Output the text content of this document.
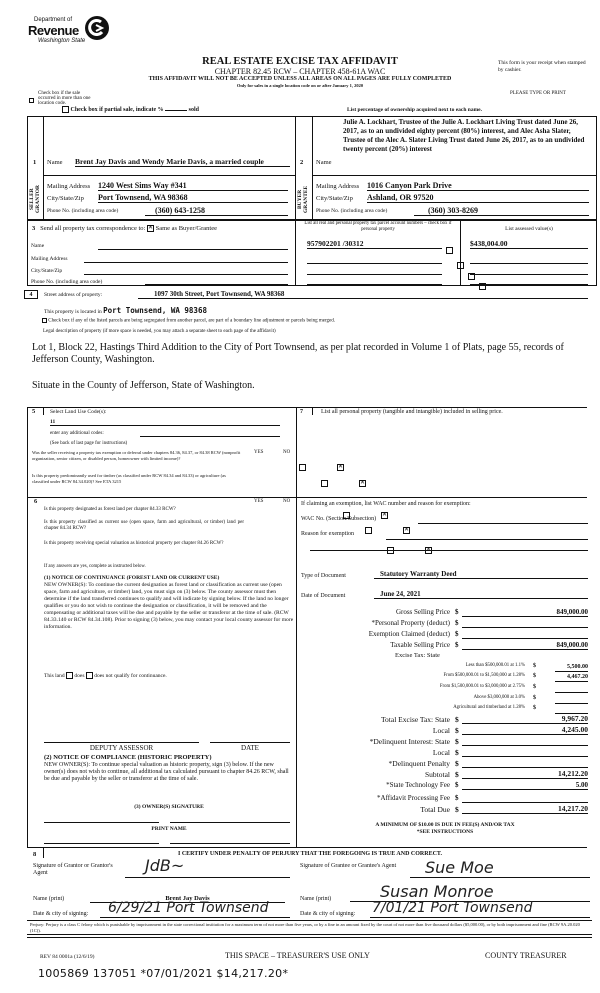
Department of
Revenue
Washington State
REAL ESTATE EXCISE TAX AFFIDAVIT
CHAPTER 82.45 RCW – CHAPTER 458-61A WAC
THIS AFFIDAVIT WILL NOT BE ACCEPTED UNLESS ALL AREAS ON ALL PAGES ARE FULLY COMPLETED
Only for sales in a single location code on or after January 1, 2020
This form is your receipt when stamped by cashier.
PLEASE TYPE OR PRINT
Check box if the sale occurred in more than one location code.
Check box if partial sale, indicate %	sold	List percentage of ownership acquired next to each name.
1
SELLER GRANTOR
Name Brent Jay Davis and Wendy Marie Davis, a married couple
Mailing Address 1240 West Sims Way #341
City/State/Zip Port Townsend, WA 98368
Phone No. (including area code)	(360) 643-1258
2
BUYER GRANTEE
Name
Julie A. Lockhart, Trustee of the Julie A. Lockhart Living Trust dated June 26, 2017, as to an undivided eighty percent (80%) interest, and Alec Asha Slater, Trustee of the Alec A. Slater Living Trust dated June 26, 2017, as to an undivided twenty percent (20%) interest
Mailing Address 1016 Canyon Park Drive
City/State/Zip Ashland, OR 97520
Phone No. (including area code)	(360) 303-8269
3 Send all property tax correspondence to: ✕ Same as Buyer/Grantee
Name
Mailing Address
City/State/Zip
Phone No. (including area code)
List all real and personal property tax parcel account numbers – check box if personal property	List assessed value(s)
957902201 /30312
	$438,004.00

4	Street address of property:	1097 30th Street, Port Townsend, WA 98368
This property is located in Port Townsend, WA 98368
Check box if any of the listed parcels are being segregated from another parcel, are part of a boundary line adjustment or parcels being merged.
Legal description of property (if more space is needed, you may attach a separate sheet to each page of the affidavit)
Lot 1, Block 22, Hastings Third Addition to the City of Port Townsend, as per plat recorded in Volume 1 of Plats, page 55, records of Jefferson County, Washington.
Situate in the County of Jefferson, State of Washington.
5	Select Land Use Code(s):
11
enter any additional codes:
(See back of last page for instructions)
YES	NO
Was the seller receiving a property tax exemption or deferral under chapters 84.36, 84.37, or 84.38 RCW (nonprofit organization, senior citizen, or disabled person, homeowner with limited income)?
✕
Is this property predominantly used for timber (as classified under RCW 84.34 and 84.33) or agriculture (as classified under RCW 84.34.020)? See ETA 3215
✕
6	YES	NO
Is this property designated as forest land per chapter 84.33 RCW?
✕
Is this property classified as current use (open space, farm and agricultural, or timber) land per chapter 84.34 RCW?
✕
Is this property receiving special valuation as historical property per chapter 84.26 RCW?
✕
If any answers are yes, complete as instructed below.
(1) NOTICE OF CONTINUANCE (FOREST LAND OR CURRENT USE)
NEW OWNER(S): To continue the current designation as forest land or classification as current use (open space, farm and agriculture, or timber) land, you must sign on (3) below. The county assessor must then determine if the land transferred continues to qualify and will indicate by signing below. If the land no longer qualifies or you do not wish to continue the designation or classification, it will be removed and the compensating or additional taxes will be due and payable by the seller or transferor at the time of sale. (RCW 84.33.140 or RCW 84.34.108). Prior to signing (3) below, you may contact your local county assessor for more information.
This land does does not qualify for continuance.
DEPUTY ASSESSOR	DATE
(2) NOTICE OF COMPLIANCE (HISTORIC PROPERTY)
NEW OWNER(S): To continue special valuation as historic property, sign (3) below. If the new owner(s) does not wish to continue, all additional tax calculated pursuant to chapter 84.26 RCW, shall be due and payable by the seller or transferor at the time of sale.
(3) OWNER(S) SIGNATURE
PRINT NAME
7	List all personal property (tangible and intangible) included in selling price.
If claiming an exemption, list WAC number and reason for exemption:
WAC No. (Section/Subsection)
Reason for exemption
Type of Document	Statutory Warranty Deed
Date of Document	June 24, 2021
Gross Selling Price $	849,000.00
*Personal Property (deduct) $
Exemption Claimed (deduct) $
Taxable Selling Price $	849,000.00
Excise Tax: State
Less than $500,000.01 at 1.1% $	5,500.00
From $500,000.01 to $1,500,000 at 1.28% $	4,467.20
From $1,500,000.01 to $3,000,000 at 2.75% $
Above $3,000,000 at 3.0% $
Agricultural and timberland at 1.28% $
Total Excise Tax: State $	9,967.20
Local $	4,245.00
*Delinquent Interest: State $
Local $
*Delinquent Penalty $
Subtotal $	14,212.20
*State Technology Fee $	5.00
*Affidavit Processing Fee $
Total Due $	14,217.20
A MINIMUM OF $10.00 IS DUE IN FEE(S) AND/OR TAX
*SEE INSTRUCTIONS
8	I CERTIFY UNDER PENALTY OF PERJURY THAT THE FOREGOING IS TRUE AND CORRECT.
Signature of Grantor or Grantor's Agent	JdB~	Signature of Grantee or Grantee's Agent	Sue Moe
Name (print)	Brent Jay Davis	Name (print)	Susan Monroe
Date & city of signing: 6/29/21 Port Townsend	Date & city of signing: 7/01/21 Port Townsend
Perjury: Perjury is a class C felony which is punishable by imprisonment in the state correctional institution for a maximum term of not more than five years, or by a fine in an amount fixed by the court of not more than five thousand dollars ($5,000.00), or by both imprisonment and fine (RCW 9A.20.020 (1C)).
REV 84 0001a (12/6/19)	THIS SPACE – TREASURER'S USE ONLY	COUNTY TREASURER
1005869 137051 *07/01/2021 $14,217.20*
